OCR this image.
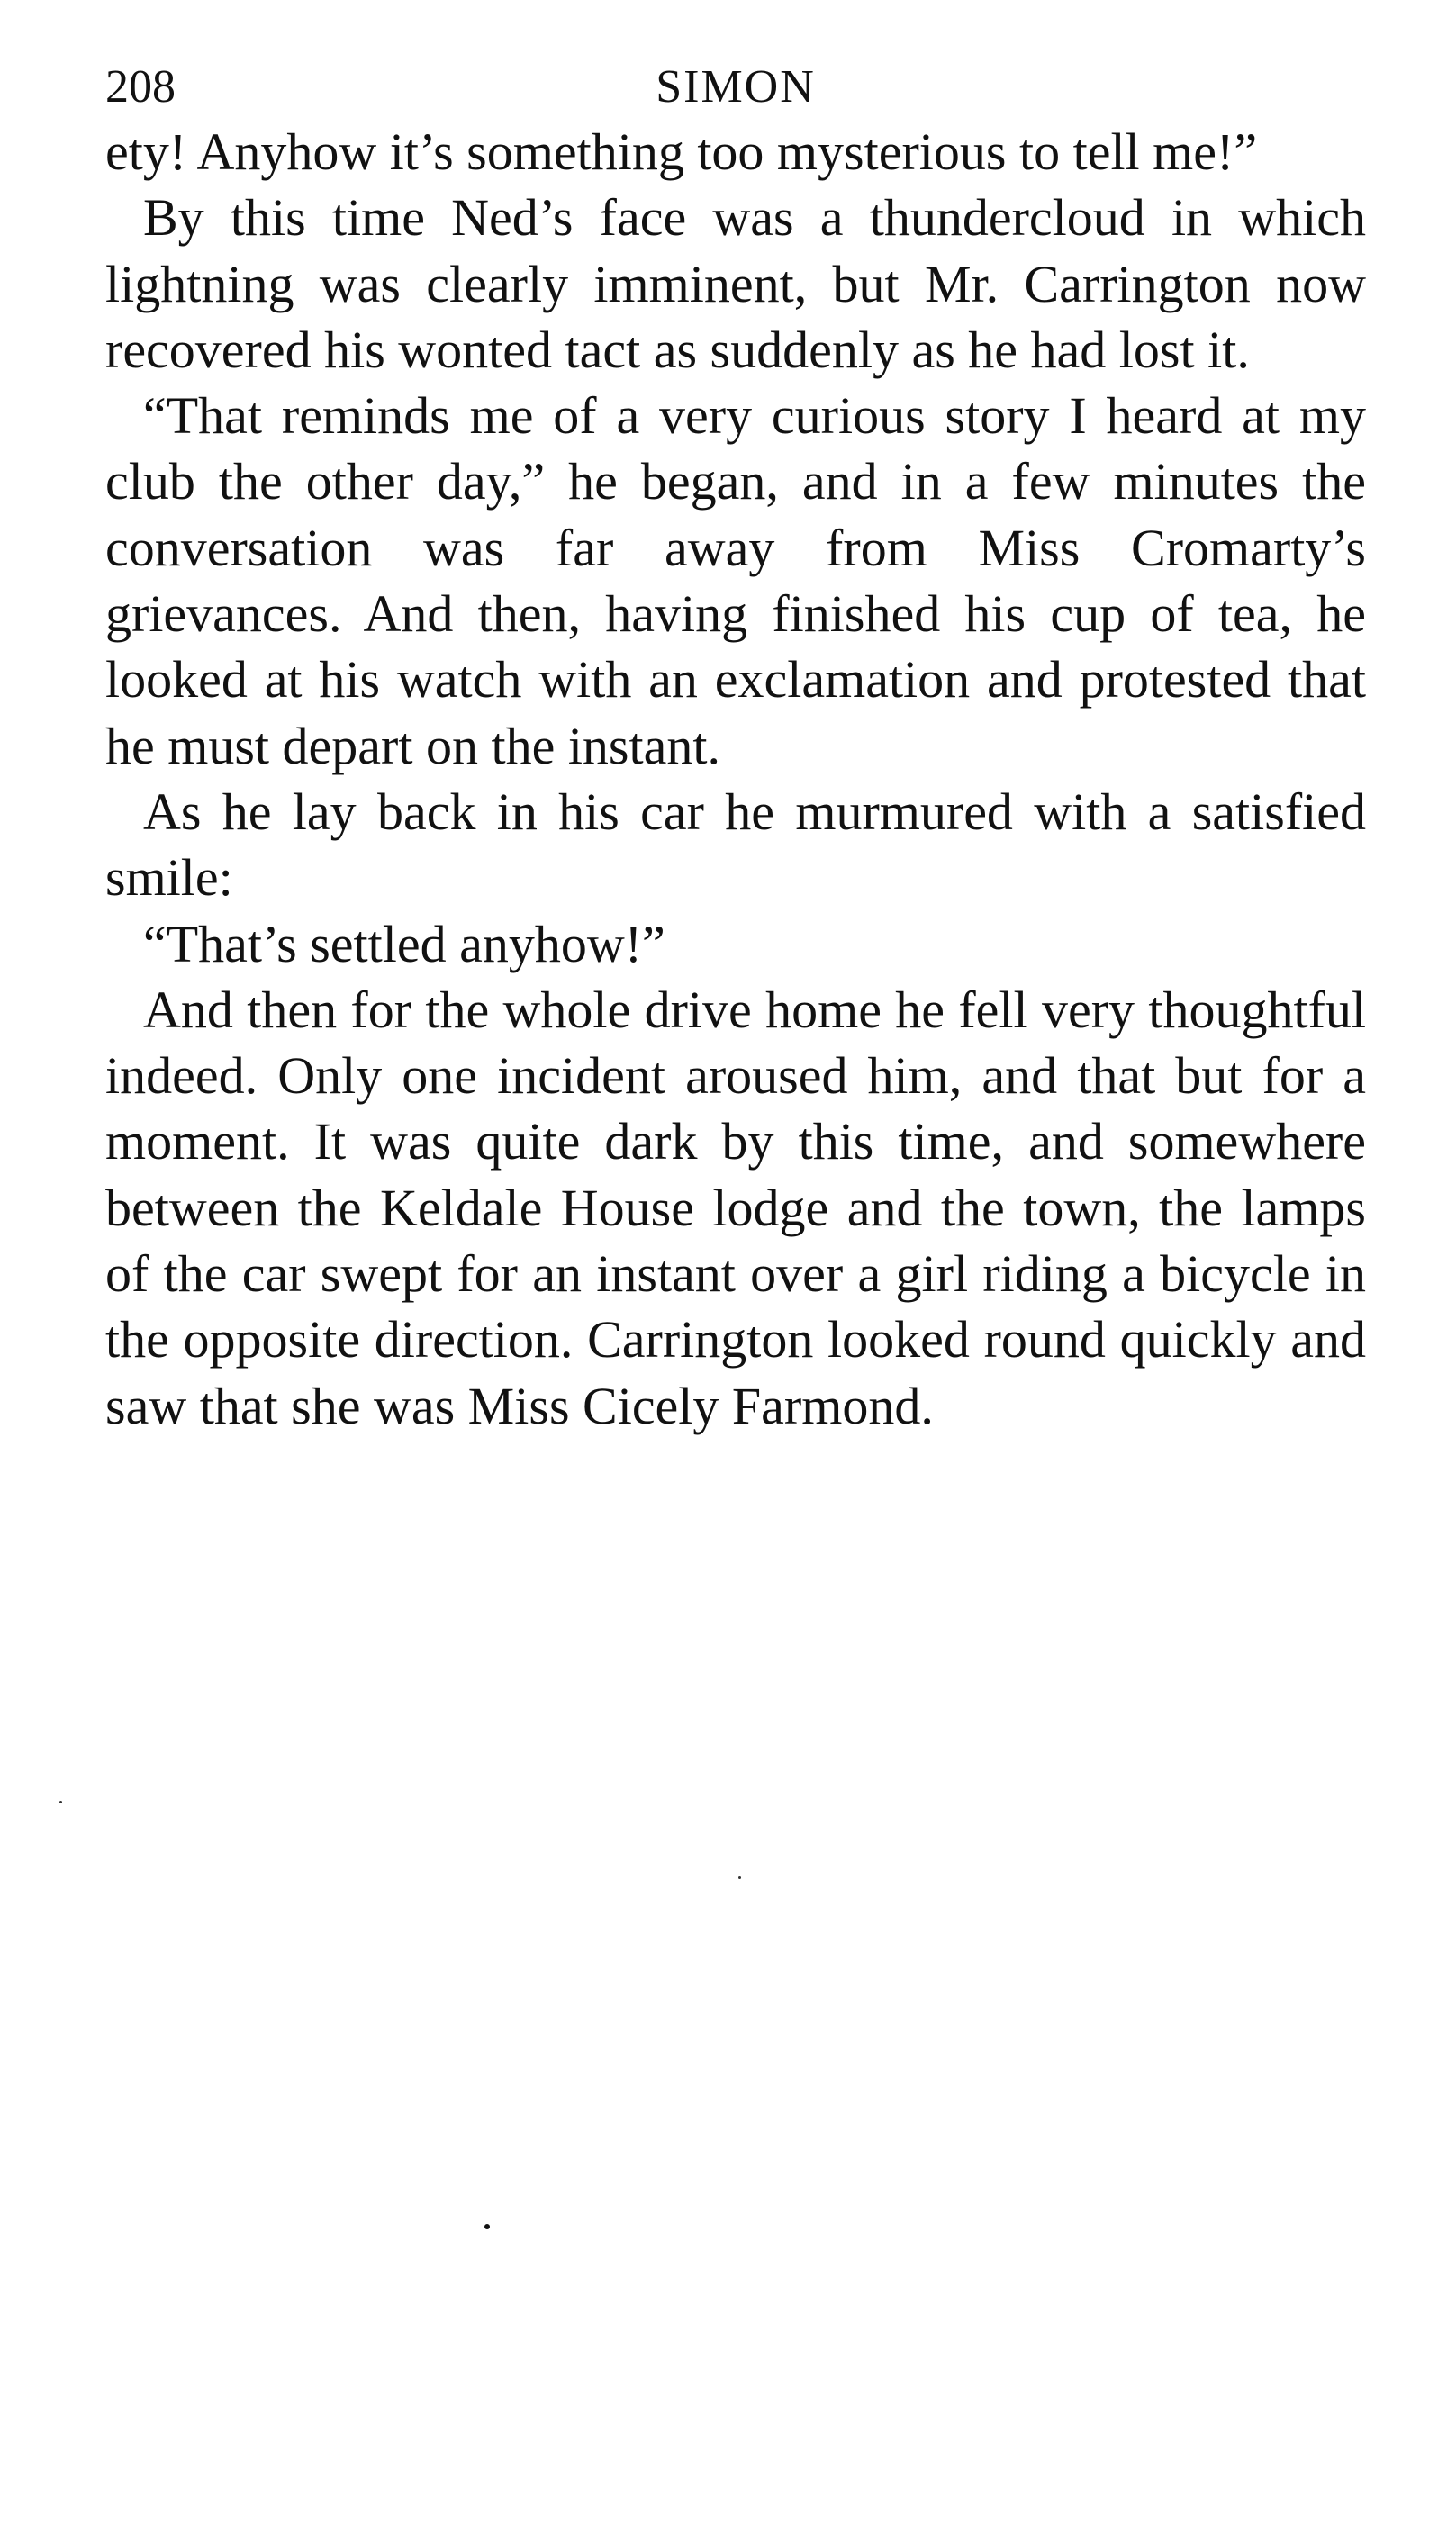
208	SIMON

ety! Anyhow it’s something too mysterious to tell me!”

By this time Ned’s face was a thundercloud in which lightning was clearly imminent, but Mr. Carrington now recovered his wonted tact as suddenly as he had lost it.

“That reminds me of a very curious story I heard at my club the other day,” he began, and in a few minutes the conversation was far away from Miss Cromarty’s grievances. And then, having finished his cup of tea, he looked at his watch with an exclamation and protested that he must depart on the instant.

As he lay back in his car he murmured with a satisfied smile:

“That’s settled anyhow!”

And then for the whole drive home he fell very thoughtful indeed. Only one incident aroused him, and that but for a moment. It was quite dark by this time, and somewhere between the Keldale House lodge and the town, the lamps of the car swept for an instant over a girl riding a bicycle in the opposite direction. Carrington looked round quickly and saw that she was Miss Cicely Farmond.
